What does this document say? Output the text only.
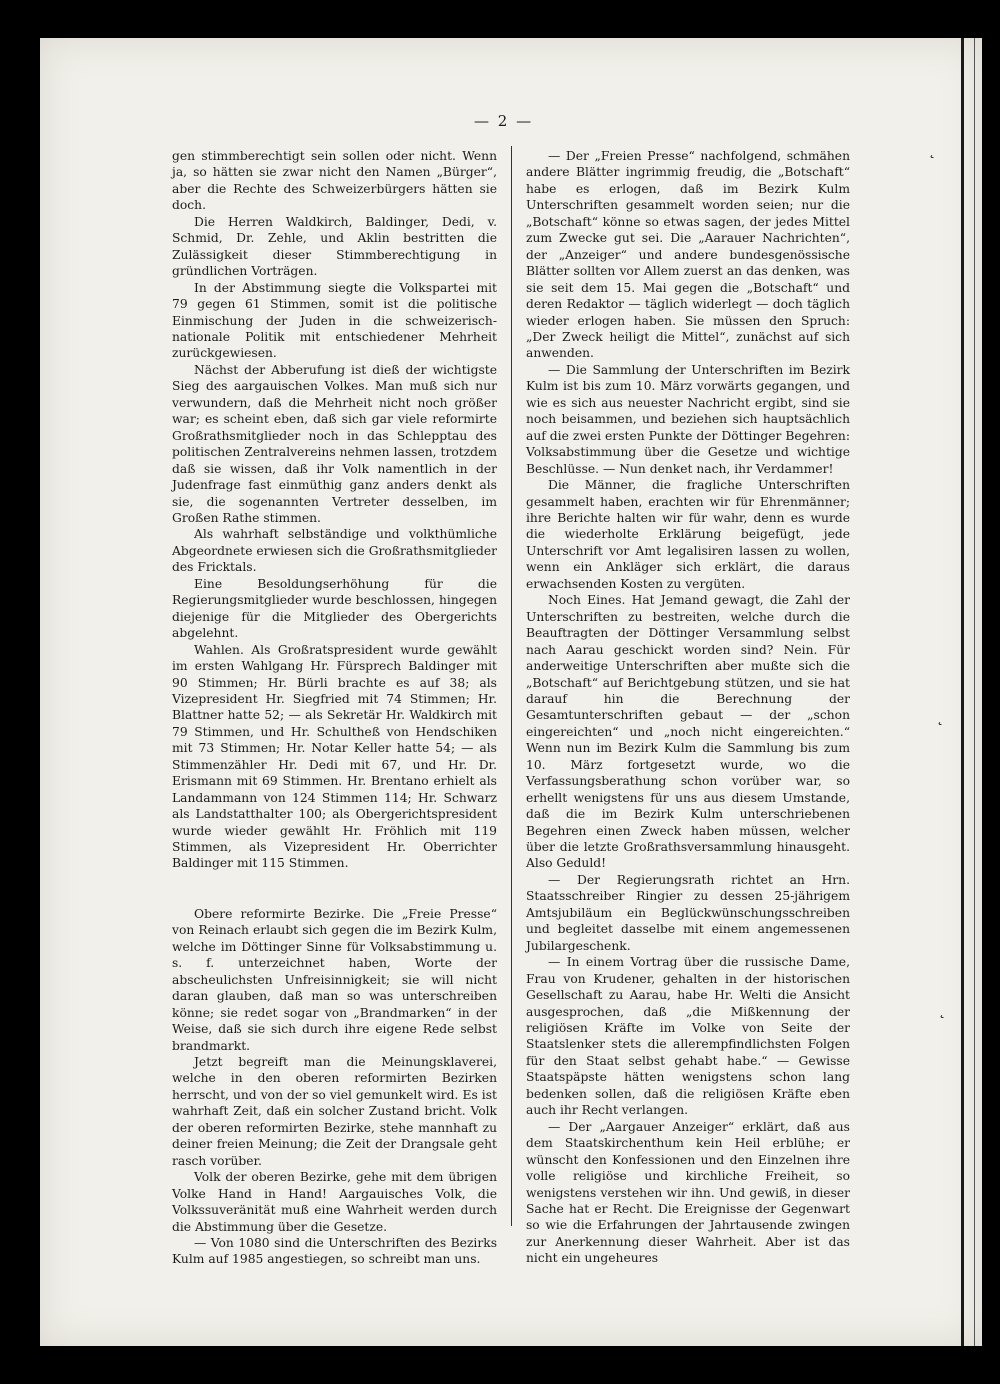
— 2 —

gen stimmberechtigt sein sollen oder nicht. Wenn ja, so hätten sie zwar nicht den Namen „Bürger“, aber die Rechte des Schweizerbürgers hätten sie doch.

Die Herren Waldkirch, Baldinger, Dedi, v. Schmid, Dr. Zehle, und Aklin bestritten die Zulässigkeit dieser Stimmberechtigung in gründlichen Vorträgen.

In der Abstimmung siegte die Volkspartei mit 79 gegen 61 Stimmen, somit ist die politische Einmischung der Juden in die schweizerisch-nationale Politik mit entschiedener Mehrheit zurückgewiesen.

Nächst der Abberufung ist dieß der wichtigste Sieg des aargauischen Volkes. Man muß sich nur verwundern, daß die Mehrheit nicht noch größer war; es scheint eben, daß sich gar viele reformirte Großrathsmitglieder noch in das Schlepptau des politischen Zentralvereins nehmen lassen, trotzdem daß sie wissen, daß ihr Volk namentlich in der Judenfrage fast einmüthig ganz anders denkt als sie, die sogenannten Vertreter desselben, im Großen Rathe stimmen.

Als wahrhaft selbständige und volkthümliche Abgeordnete erwiesen sich die Großrathsmitglieder des Fricktals.

Eine Besoldungserhöhung für die Regierungsmitglieder wurde beschlossen, hingegen diejenige für die Mitglieder des Obergerichts abgelehnt.

Wahlen. Als Großratspresident wurde gewählt im ersten Wahlgang Hr. Fürsprech Baldinger mit 90 Stimmen; Hr. Bürli brachte es auf 38; als Vizepresident Hr. Siegfried mit 74 Stimmen; Hr. Blattner hatte 52; — als Sekretär Hr. Waldkirch mit 79 Stimmen, und Hr. Schultheß von Hendschiken mit 73 Stimmen; Hr. Notar Keller hatte 54; — als Stimmenzähler Hr. Dedi mit 67, und Hr. Dr. Erismann mit 69 Stimmen. Hr. Brentano erhielt als Landammann von 124 Stimmen 114; Hr. Schwarz als Landstatthalter 100; als Obergerichtspresident wurde wieder gewählt Hr. Fröhlich mit 119 Stimmen, als Vizepresident Hr. Oberrichter Baldinger mit 115 Stimmen.

Obere reformirte Bezirke. Die „Freie Presse“ von Reinach erlaubt sich gegen die im Bezirk Kulm, welche im Döttinger Sinne für Volksabstimmung u. s. f. unterzeichnet haben, Worte der abscheulichsten Unfreisinnigkeit; sie will nicht daran glauben, daß man so was unterschreiben könne; sie redet sogar von „Brandmarken“ in der Weise, daß sie sich durch ihre eigene Rede selbst brandmarkt.

Jetzt begreift man die Meinungsklaverei, welche in den oberen reformirten Bezirken herrscht, und von der so viel gemunkelt wird. Es ist wahrhaft Zeit, daß ein solcher Zustand bricht. Volk der oberen reformirten Bezirke, stehe mannhaft zu deiner freien Meinung; die Zeit der Drangsale geht rasch vorüber.

Volk der oberen Bezirke, gehe mit dem übrigen Volke Hand in Hand! Aargauisches Volk, die Volkssuveränität muß eine Wahrheit werden durch die Abstimmung über die Gesetze.

— Von 1080 sind die Unterschriften des Bezirks Kulm auf 1985 angestiegen, so schreibt man uns.

— Der „Freien Presse“ nachfolgend, schmähen andere Blätter ingrimmig freudig, die „Botschaft“ habe es erlogen, daß im Bezirk Kulm Unterschriften gesammelt worden seien; nur die „Botschaft“ könne so etwas sagen, der jedes Mittel zum Zwecke gut sei. Die „Aarauer Nachrichten“, der „Anzeiger“ und andere bundesgenössische Blätter sollten vor Allem zuerst an das denken, was sie seit dem 15. Mai gegen die „Botschaft“ und deren Redaktor — täglich widerlegt — doch täglich wieder erlogen haben. Sie müssen den Spruch: „Der Zweck heiligt die Mittel“, zunächst auf sich anwenden.

— Die Sammlung der Unterschriften im Bezirk Kulm ist bis zum 10. März vorwärts gegangen, und wie es sich aus neuester Nachricht ergibt, sind sie noch beisammen, und beziehen sich hauptsächlich auf die zwei ersten Punkte der Döttinger Begehren: Volksabstimmung über die Gesetze und wichtige Beschlüsse. — Nun denket nach, ihr Verdammer!

Die Männer, die fragliche Unterschriften gesammelt haben, erachten wir für Ehrenmänner; ihre Berichte halten wir für wahr, denn es wurde die wiederholte Erklärung beigefügt, jede Unterschrift vor Amt legalisiren lassen zu wollen, wenn ein Ankläger sich erklärt, die daraus erwachsenden Kosten zu vergüten.

Noch Eines. Hat Jemand gewagt, die Zahl der Unterschriften zu bestreiten, welche durch die Beauftragten der Döttinger Versammlung selbst nach Aarau geschickt worden sind? Nein. Für anderweitige Unterschriften aber mußte sich die „Botschaft“ auf Berichtgebung stützen, und sie hat darauf hin die Berechnung der Gesamtunterschriften gebaut — der „schon eingereichten“ und „noch nicht eingereichten.“ Wenn nun im Bezirk Kulm die Sammlung bis zum 10. März fortgesetzt wurde, wo die Verfassungsberathung schon vorüber war, so erhellt wenigstens für uns aus diesem Umstande, daß die im Bezirk Kulm unterschriebenen Begehren einen Zweck haben müssen, welcher über die letzte Großrathsversammlung hinausgeht. Also Geduld!

— Der Regierungsrath richtet an Hrn. Staatsschreiber Ringier zu dessen 25-jährigem Amtsjubiläum ein Beglückwünschungsschreiben und begleitet dasselbe mit einem angemessenen Jubilargeschenk.

— In einem Vortrag über die russische Dame, Frau von Krudener, gehalten in der historischen Gesellschaft zu Aarau, habe Hr. Welti die Ansicht ausgesprochen, daß „die Mißkennung der religiösen Kräfte im Volke von Seite der Staatslenker stets die allerempfindlichsten Folgen für den Staat selbst gehabt habe.“ — Gewisse Staatspäpste hätten wenigstens schon lang bedenken sollen, daß die religiösen Kräfte eben auch ihr Recht verlangen.

— Der „Aargauer Anzeiger“ erklärt, daß aus dem Staatskirchenthum kein Heil erblühe; er wünscht den Konfessionen und den Einzelnen ihre volle religiöse und kirchliche Freiheit, so wenigstens verstehen wir ihn. Und gewiß, in dieser Sache hat er Recht. Die Ereignisse der Gegenwart so wie die Erfahrungen der Jahrtausende zwingen zur Anerkennung dieser Wahrheit. Aber ist das nicht ein ungeheures

˛
˛
˛
